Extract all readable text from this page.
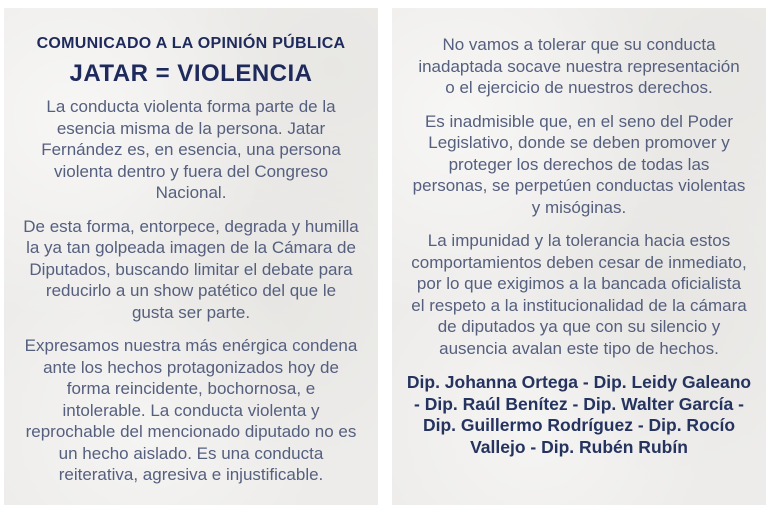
COMUNICADO A LA OPINIÓN PÚBLICA
JATAR = VIOLENCIA

La conducta violenta forma parte de la esencia misma de la persona. Jatar Fernández es, en esencia, una persona violenta dentro y fuera del Congreso Nacional.

De esta forma, entorpece, degrada y humilla la ya tan golpeada imagen de la Cámara de Diputados, buscando limitar el debate para reducirlo a un show patético del que le gusta ser parte.

Expresamos nuestra más enérgica condena ante los hechos protagonizados hoy de forma reincidente, bochornosa, e intolerable. La conducta violenta y reprochable del mencionado diputado no es un hecho aislado. Es una conducta reiterativa, agresiva e injustificable.

No vamos a tolerar que su conducta inadaptada socave nuestra representación o el ejercicio de nuestros derechos.

Es inadmisible que, en el seno del Poder Legislativo, donde se deben promover y proteger los derechos de todas las personas, se perpetúen conductas violentas y misóginas.

La impunidad y la tolerancia hacia estos comportamientos deben cesar de inmediato, por lo que exigimos a la bancada oficialista el respeto a la institucionalidad de la cámara de diputados ya que con su silencio y ausencia avalan este tipo de hechos.

Dip. Johanna Ortega - Dip. Leidy Galeano - Dip. Raúl Benítez - Dip. Walter García - Dip. Guillermo Rodríguez - Dip. Rocío Vallejo - Dip. Rubén Rubín
